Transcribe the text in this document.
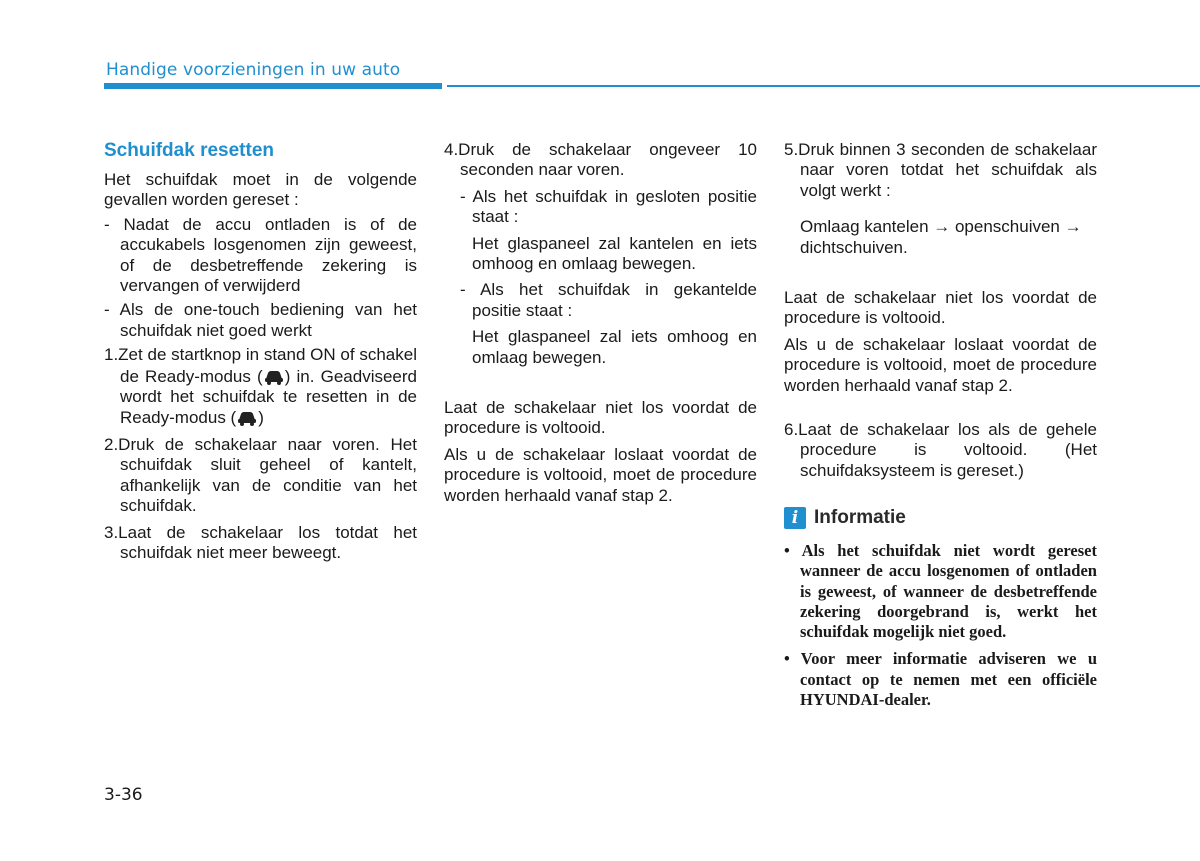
Handige voorzieningen in uw auto

Schuifdak resetten

Het schuifdak moet in de volgende gevallen worden gereset :

- Nadat de accu ontladen is of de accukabels losgenomen zijn geweest, of de desbetreffende zekering is vervangen of verwijderd

- Als de one-touch bediening van het schuifdak niet goed werkt

1.Zet de startknop in stand ON of schakel de Ready-modus ( ) in. Geadviseerd wordt het schuifdak te resetten in de Ready-modus ( )

2.Druk de schakelaar naar voren. Het schuifdak sluit geheel of kantelt, afhankelijk van de conditie van het schuifdak.

3.Laat de schakelaar los totdat het schuifdak niet meer beweegt.

4.Druk de schakelaar ongeveer 10 seconden naar voren.

- Als het schuifdak in gesloten positie staat :

Het glaspaneel zal kantelen en iets omhoog en omlaag bewegen.

- Als het schuifdak in gekantelde positie staat :

Het glaspaneel zal iets omhoog en omlaag bewegen.

Laat de schakelaar niet los voordat de procedure is voltooid.

Als u de schakelaar loslaat voordat de procedure is voltooid, moet de procedure worden herhaald vanaf stap 2.

5.Druk binnen 3 seconden de schakelaar naar voren totdat het schuifdak als volgt werkt :

Omlaag kantelen → openschuiven → dichtschuiven.

Laat de schakelaar niet los voordat de procedure is voltooid.

Als u de schakelaar loslaat voordat de procedure is voltooid, moet de procedure worden herhaald vanaf stap 2.

6.Laat de schakelaar los als de gehele procedure is voltooid. (Het schuifdaksysteem is gereset.)

i Informatie

• Als het schuifdak niet wordt gereset wanneer de accu losgenomen of ontladen is geweest, of wanneer de desbetreffende zekering doorgebrand is, werkt het schuifdak mogelijk niet goed.

• Voor meer informatie adviseren we u contact op te nemen met een officiële HYUNDAI-dealer.

3-36
